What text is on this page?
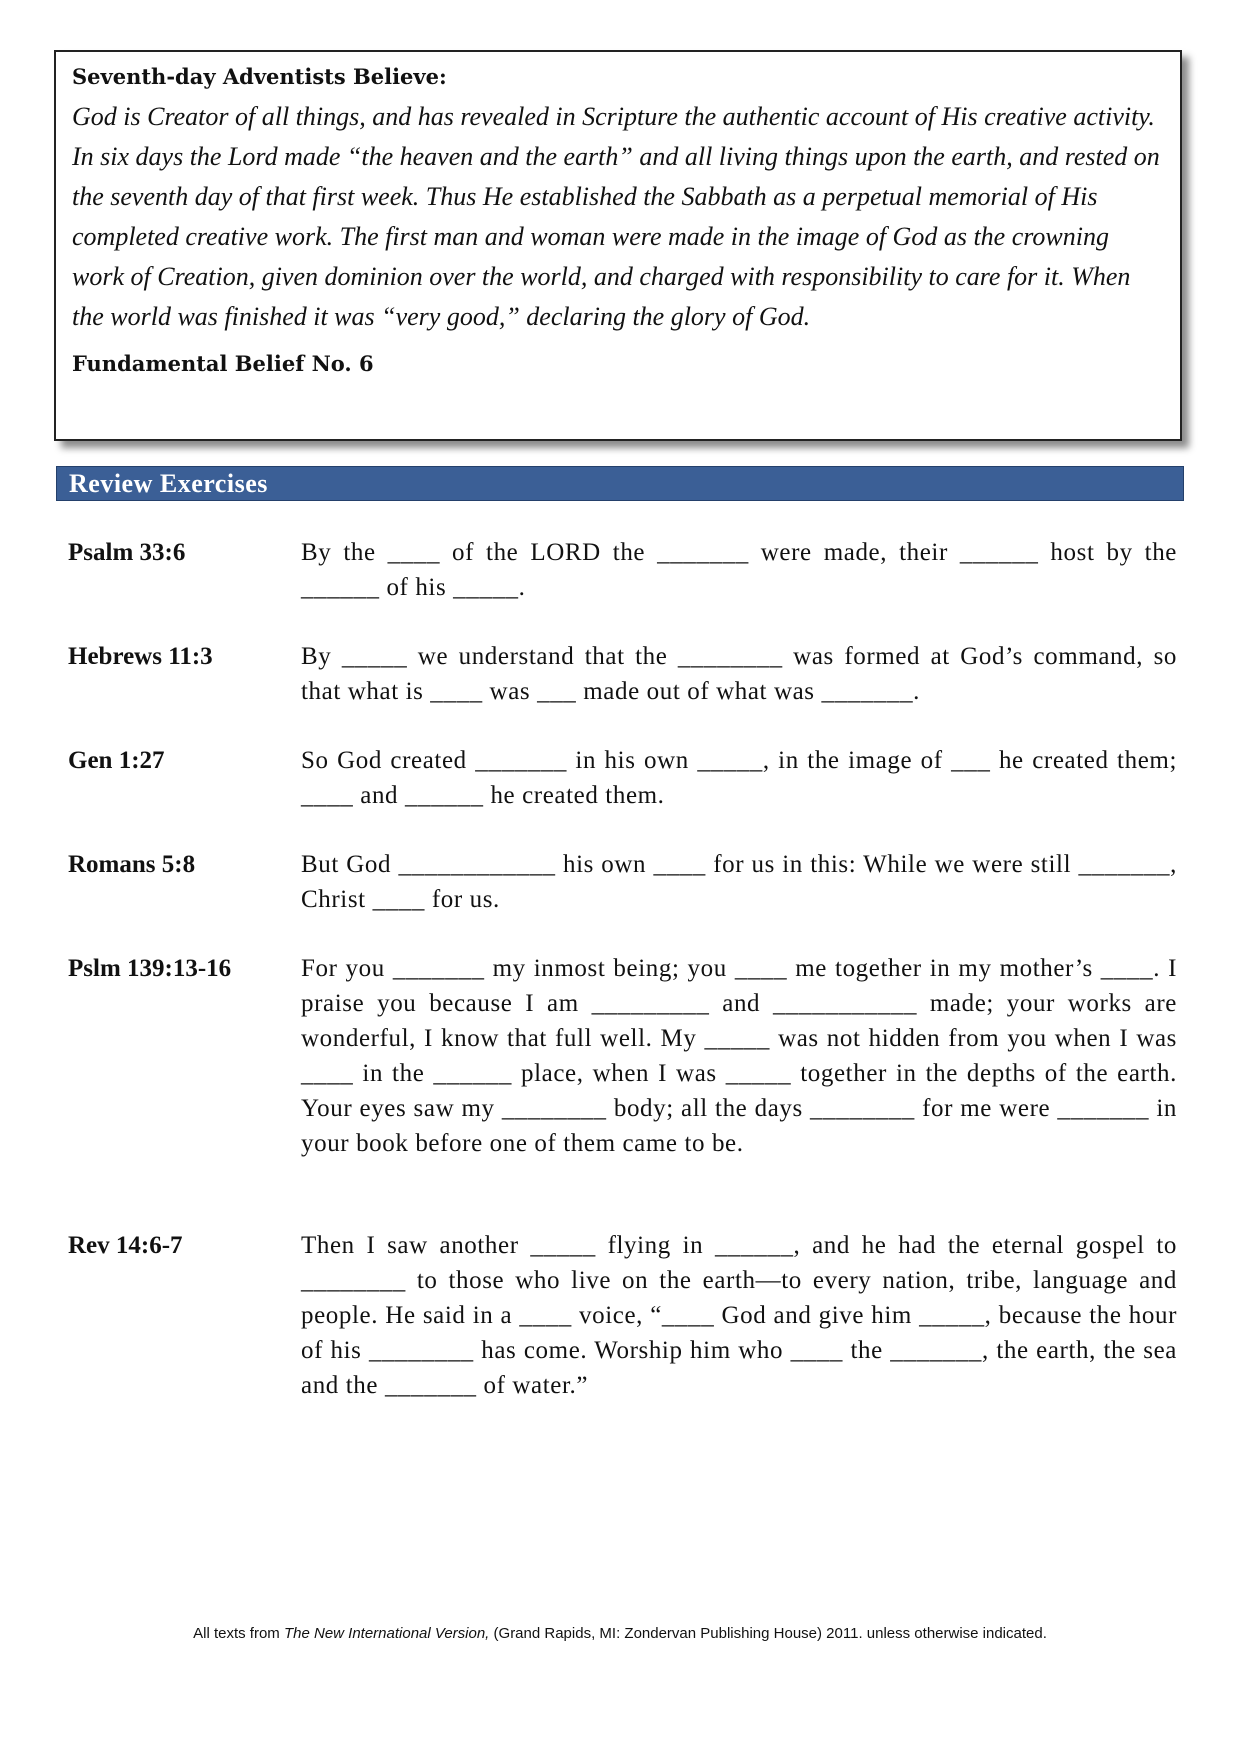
Seventh-day Adventists Believe:

God is Creator of all things, and has revealed in Scripture the authentic account of His creative activity. In six days the Lord made “the heaven and the earth” and all living things upon the earth, and rested on the seventh day of that first week. Thus He established the Sabbath as a perpetual memorial of His completed creative work. The first man and woman were made in the image of God as the crowning work of Creation, given dominion over the world, and charged with responsibility to care for it. When the world was finished it was “very good,” declaring the glory of God.

Fundamental Belief No. 6
Review Exercises
Psalm 33:6	By the ____ of the LORD the _______ were made, their ______ host by the ______ of his _____.

Hebrews 11:3	By _____ we understand that the ________ was formed at God’s command, so that what is ____ was ___ made out of what was _______.

Gen 1:27	So God created _______ in his own _____, in the image of ___ he created them; ____ and ______ he created them.

Romans 5:8	But God ____________ his own ____ for us in this: While we were still _______, Christ ____ for us.

Pslm 139:13-16	For you _______ my inmost being; you ____ me together in my mother’s ____. I praise you because I am _________ and ___________ made; your works are wonderful, I know that full well. My _____ was not hidden from you when I was ____ in the ______ place, when I was _____ together in the depths of the earth. Your eyes saw my ________ body; all the days ________ for me were _______ in your book before one of them came to be.

Rev 14:6-7	Then I saw another _____ flying in ______, and he had the eternal gospel to ________ to those who live on the earth—to every nation, tribe, language and people. He said in a ____ voice, “____ God and give him _____, because the hour of his ________ has come. Worship him who ____ the _______, the earth, the sea and the _______ of water.”

All texts from The New International Version, (Grand Rapids, MI: Zondervan Publishing House) 2011. unless otherwise indicated.
